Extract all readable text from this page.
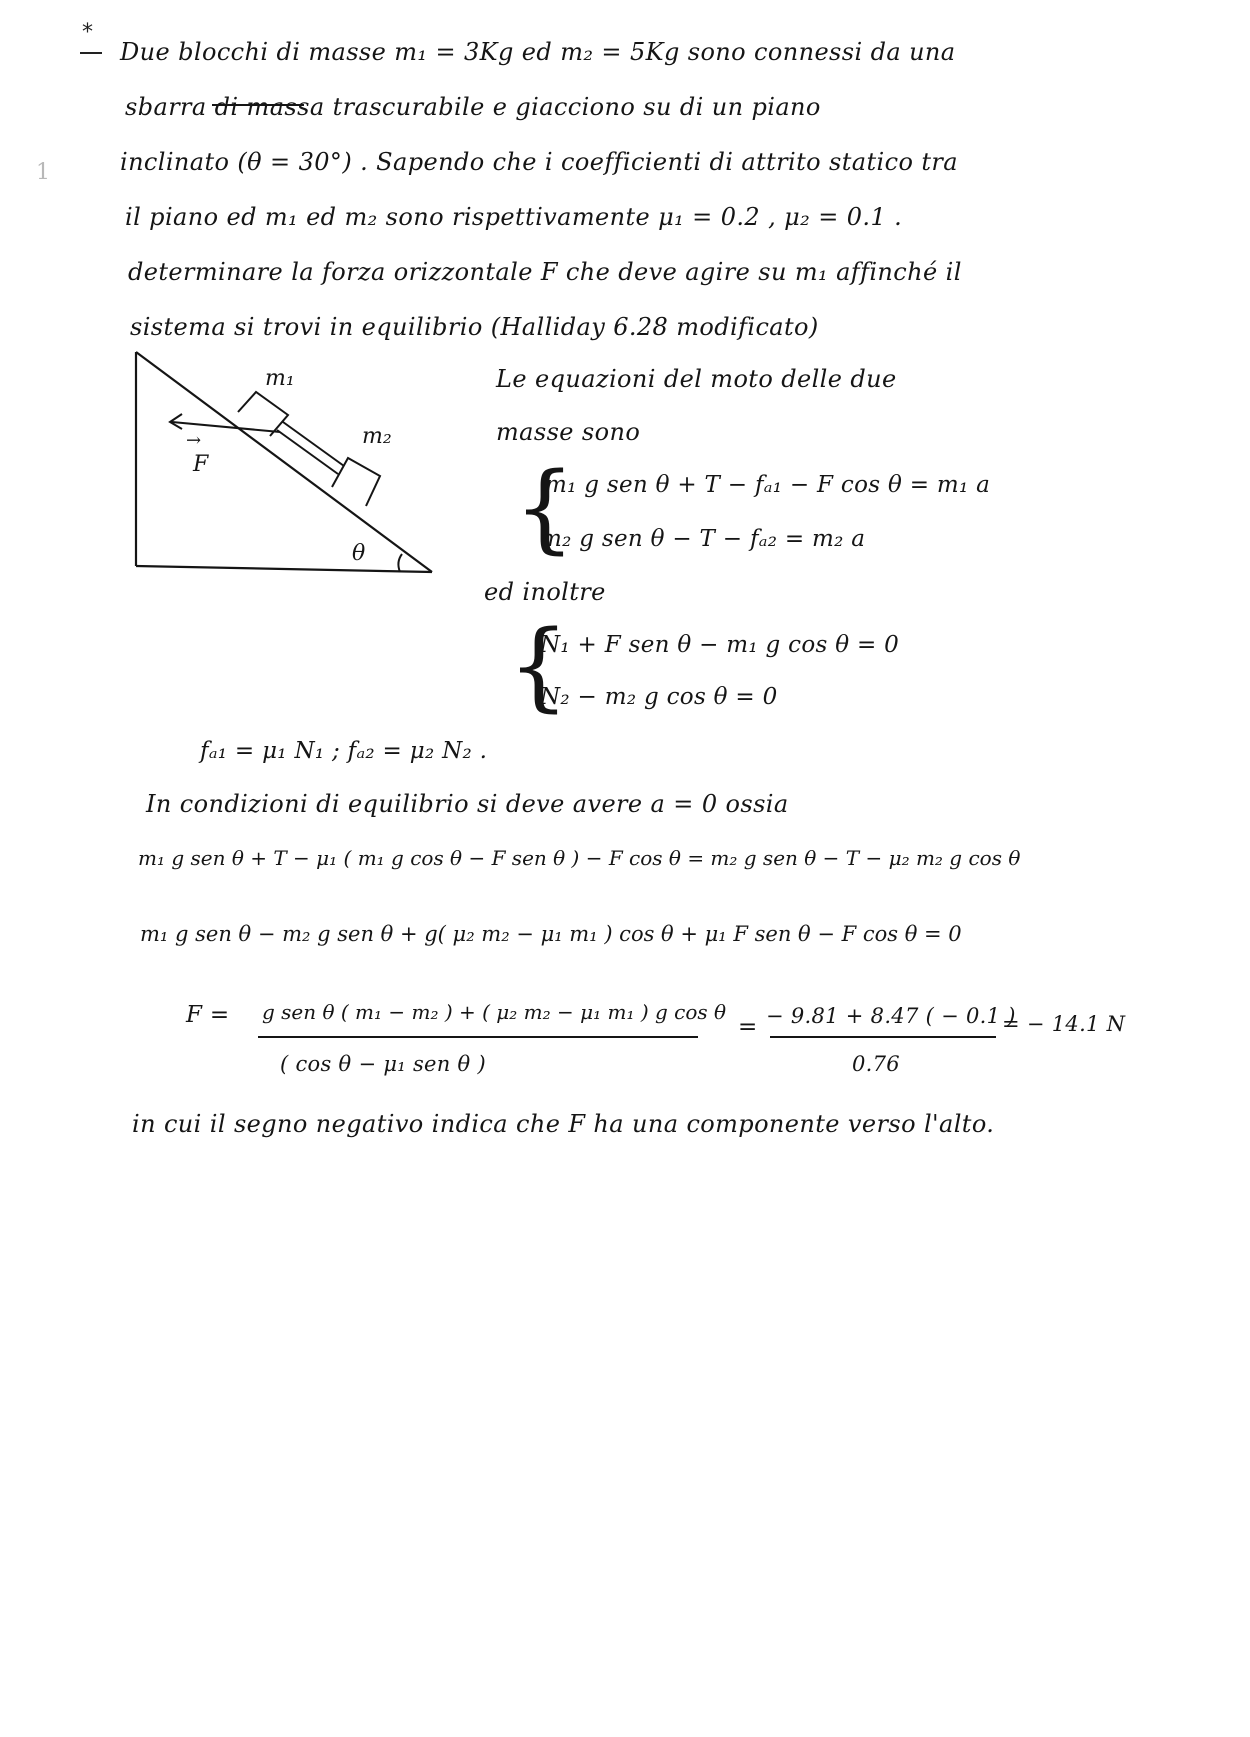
*
1
Due blocchi di masse m₁ = 3Kg ed m₂ = 5Kg sono connessi da una
sbarra di massa trascurabile e giacciono su di un piano
inclinato (θ = 30°) . Sapendo che i coefficienti di attrito statico tra
il piano ed m₁ ed m₂ sono rispettivamente μ₁ = 0.2 , μ₂ = 0.1 .
determinare la forza orizzontale F che deve agire su m₁ affinché il
sistema si trovi in equilibrio (Halliday 6.28 modificato)
m₁
m₂
→
F
θ
Le equazioni del moto delle due
masse sono
{
m₁ g sen θ + T − fₐ₁ − F cos θ = m₁ a
m₂ g sen θ − T − fₐ₂ = m₂ a
ed inoltre
{
N₁ + F sen θ − m₁ g cos θ = 0
N₂ − m₂ g cos θ = 0
fₐ₁ = μ₁ N₁ ; fₐ₂ = μ₂ N₂ .
In condizioni di equilibrio si deve avere a = 0 ossia
m₁ g sen θ + T − μ₁ ( m₁ g cos θ − F sen θ ) − F cos θ = m₂ g sen θ − T − μ₂ m₂ g cos θ
m₁ g sen θ − m₂ g sen θ + g( μ₂ m₂ − μ₁ m₁ ) cos θ + μ₁ F sen θ − F cos θ = 0
F = g sen θ ( m₁ − m₂ ) + ( μ₂ m₂ − μ₁ m₁ ) g cos θ
( cos θ − μ₁ sen θ )
= − 9.81 + 8.47 ( − 0.1 )
0.76
= − 14.1 N
in cui il segno negativo indica che F ha una componente verso l'alto.
